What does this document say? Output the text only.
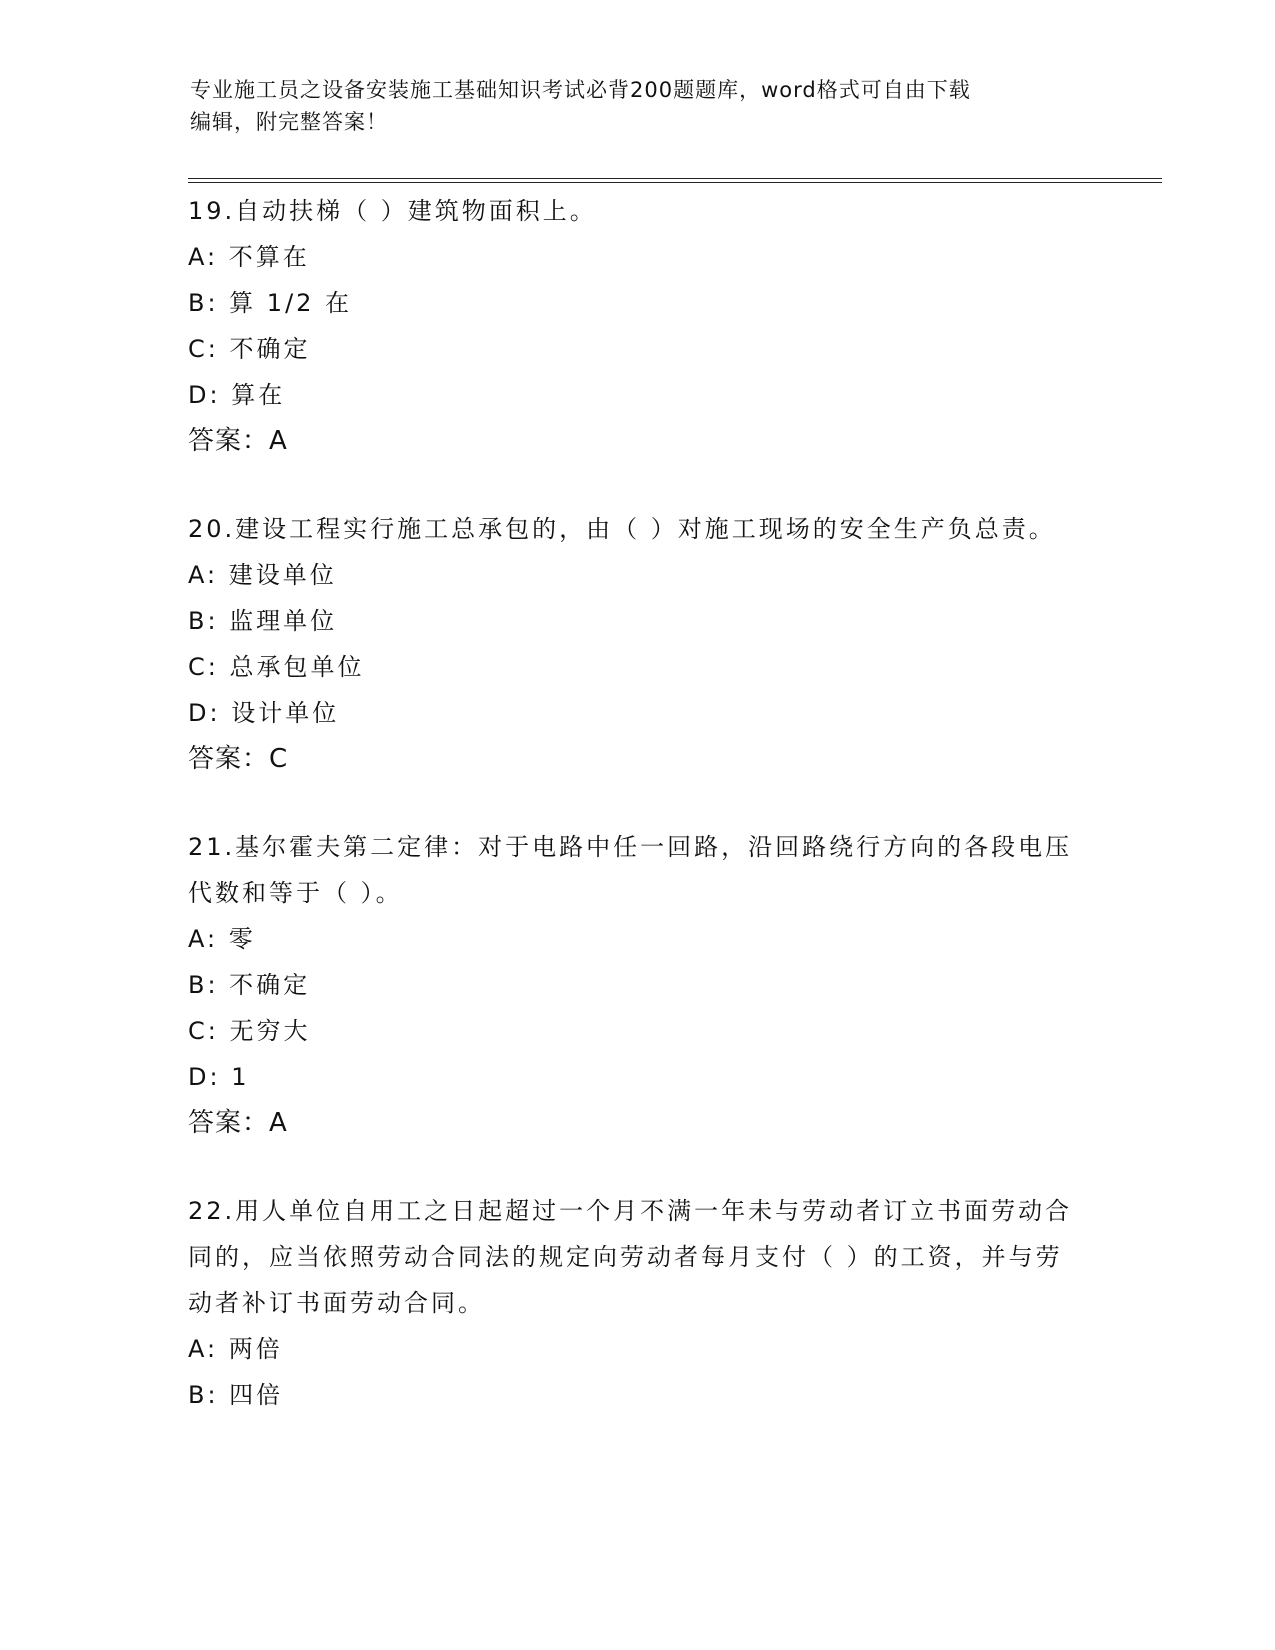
专业施工员之设备安装施工基础知识考试必背200题题库，word格式可自由下载
编辑，附完整答案！
19.自动扶梯（ ）建筑物面积上。
A: 不算在
B: 算 1/2 在
C: 不确定
D: 算在
答案：A
20.建设工程实行施工总承包的，由（ ）对施工现场的安全生产负总责。
A: 建设单位
B: 监理单位
C: 总承包单位
D: 设计单位
答案：C
21.基尔霍夫第二定律：对于电路中任一回路，沿回路绕行方向的各段电压代数和等于（ ）。
A: 零
B: 不确定
C: 无穷大
D: 1
答案：A
22.用人单位自用工之日起超过一个月不满一年未与劳动者订立书面劳动合同的，应当依照劳动合同法的规定向劳动者每月支付（ ）的工资，并与劳动者补订书面劳动合同。
A: 两倍
B: 四倍
